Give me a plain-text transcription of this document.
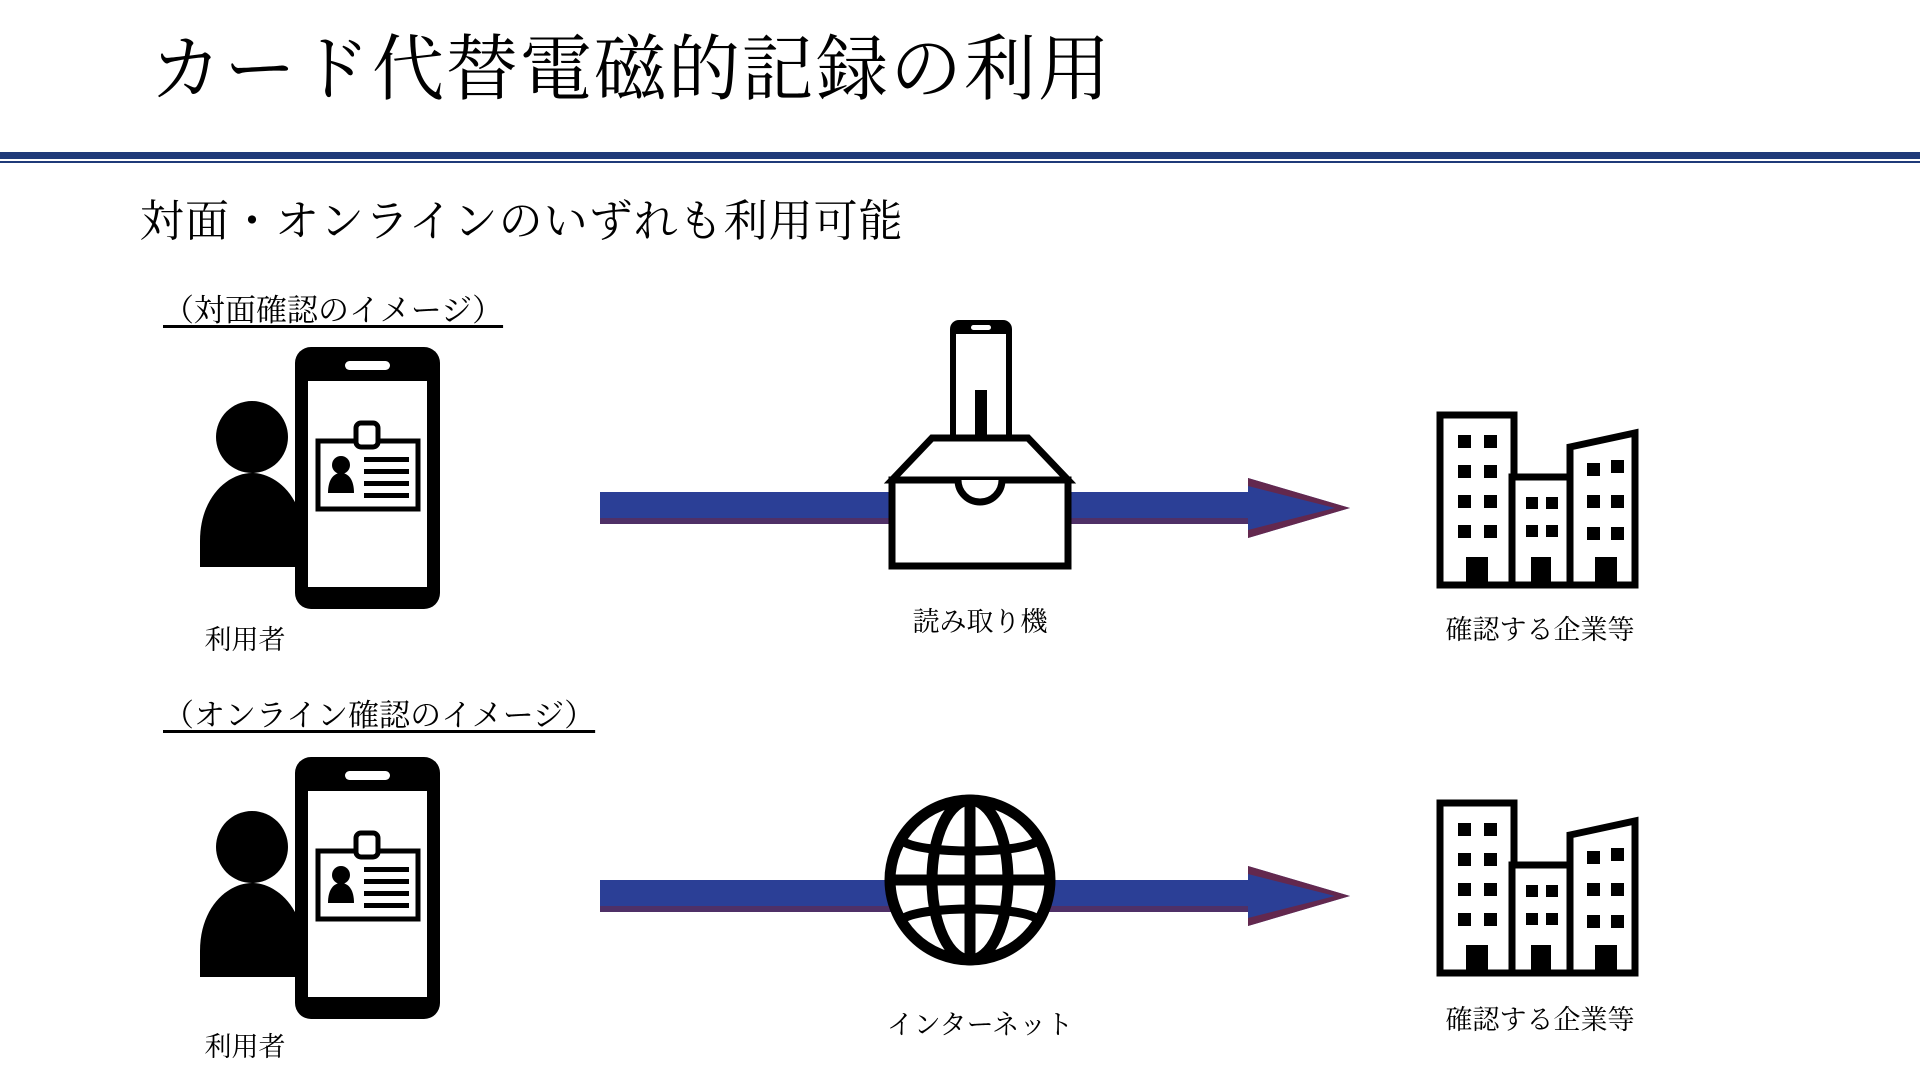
カード代替電磁的記録の利用
対面・オンラインのいずれも利用可能
（対面確認のイメージ）
利用者
読み取り機	確認する企業等
（オンライン確認のイメージ）
利用者
インターネット	確認する企業等
